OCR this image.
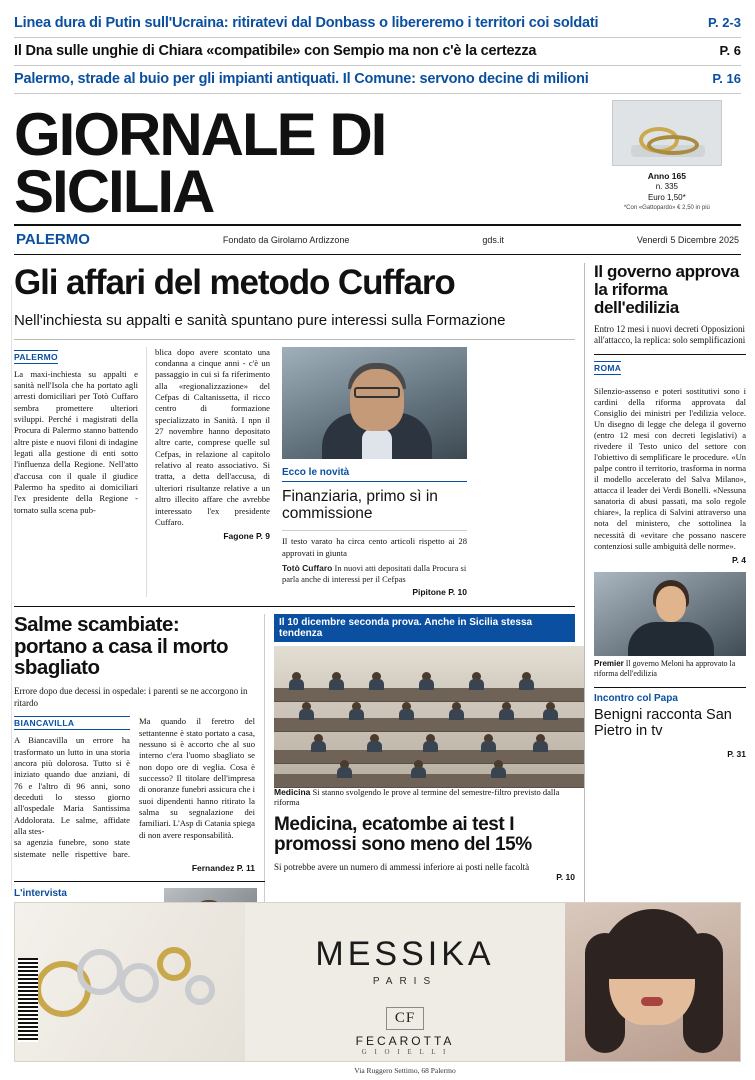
Linea dura di Putin sull'Ucraina: ritiratevi dal Donbass o libereremo i territori coi soldati	P. 2-3
Il Dna sulle unghie di Chiara «compatibile» con Sempio ma non c'è la certezza	P. 6
Palermo, strade al buio per gli impianti antiquati. Il Comune: servono decine di milioni	P. 16
GIORNALE DI SICILIA	Anno 165
n. 335
Euro 1,50*
*Con «Gattopardo» € 2,50 in più
PALERMO	Fondato da Girolamo Ardizzone	gds.it	Venerdì 5 Dicembre 2025
Gli affari del metodo Cuffaro
Nell'inchiesta su appalti e sanità spuntano pure interessi sulla Formazione
PALERMO
La maxi-inchiesta su appalti e sanità nell'Isola che ha portato agli arresti domiciliari per Totò Cuffaro sembra promettere ulteriori sviluppi. Perché i magistrati della Procura di Palermo stanno battendo altre piste e nuovi filoni di indagine legati alla gestione di enti sotto l'influenza della Regione. Nell'atto d'accusa con il quale il giudice Palermo ha spedito ai domiciliari l'ex presidente della Regione - tornato sulla scena pub-
blica dopo avere scontato una condanna a cinque anni - c'è un passaggio in cui si fa riferimento alla «regionalizzazione» del Cefpas di Caltanissetta, il ricco centro di formazione specializzato in Sanità. I npn il 27 novembre hanno depositato altre carte, comprese quelle sul Cefpas, in relazione al capitolo relativo al reato associativo. Si tratta, a detta dell'accusa, di ulteriori risultanze relative a un altro illecito affare che avrebbe interessato l'ex presidente Cuffaro.
Fagone P. 9
Ecco le novità
Finanziaria, primo sì in commissione
Il testo varato ha circa cento articoli rispetto ai 28 approvati in giunta
Totò Cuffaro In nuovi atti depositati dalla Procura si parla anche di interessi per il Cefpas
Pipitone P. 10
Salme scambiate: portano a casa il morto sbagliato
Errore dopo due decessi in ospedale: i parenti se ne accorgono in ritardo
BIANCAVILLA
A Biancavilla un errore ha trasformato un lutto in una storia ancora più dolorosa. Tutto si è iniziato quando due anziani, di 76 e l'altro di 96 anni, sono deceduti lo stesso giorno all'ospedale Maria Santissima Addolorata. Le salme, affidate alla stes-
sa agenzia funebre, sono state sistemate nelle rispettive bare. Ma quando il feretro del settantenne è stato portato a casa, nessuno si è accorto che al suo interno c'era l'uomo sbagliato se non dopo ore di veglia. Cosa è successo? Il titolare dell'impresa di onoranze funebri assicura che i suoi dipendenti hanno ritirato la salma su segnalazione dei familiari. L'Asp di Catania spiega di non avere responsabilità.
Fernandez P. 11
L'intervista
Il 10 dicembre seconda prova. Anche in Sicilia stessa tendenza
Medicina Si stanno svolgendo le prove al termine del semestre-filtro previsto dalla riforma
Medicina, ecatombe ai test I promossi sono meno del 15%
Si potrebbe avere un numero di ammessi inferiore ai posti nelle facoltà
P. 10
Il governo approva la riforma dell'edilizia
Entro 12 mesi i nuovi decreti Opposizioni all'attacco, la replica: solo semplificazioni
ROMA
Silenzio-assenso e poteri sostitutivi sono i cardini della riforma approvata dal Consiglio dei ministri per l'edilizia veloce. Un disegno di legge che delega il governo (entro 12 mesi con decreti legislativi) a rivedere il Testo unico del settore con l'obiettivo di semplificare le procedure. «Un palpe contro il territorio, trasforma in norma il modello accelerato del Salva Milano», attacca il leader dei Verdi Bonelli. «Nessuna sanatoria di abusi passati, ma solo regole chiare», la replica di Salvini attraverso una nota del ministero, che sottolinea la necessità di «evitare che possano nascere contenziosi sulle ambiguità delle norme».
P. 4
Premier Il governo Meloni ha approvato la riforma dell'edilizia
Incontro col Papa
Benigni racconta San Pietro in tv
P. 31
MESSIKA
PARIS
CF
FECAROTTA
G I O I E L L I
Via Ruggero Settimo, 68 Palermo
